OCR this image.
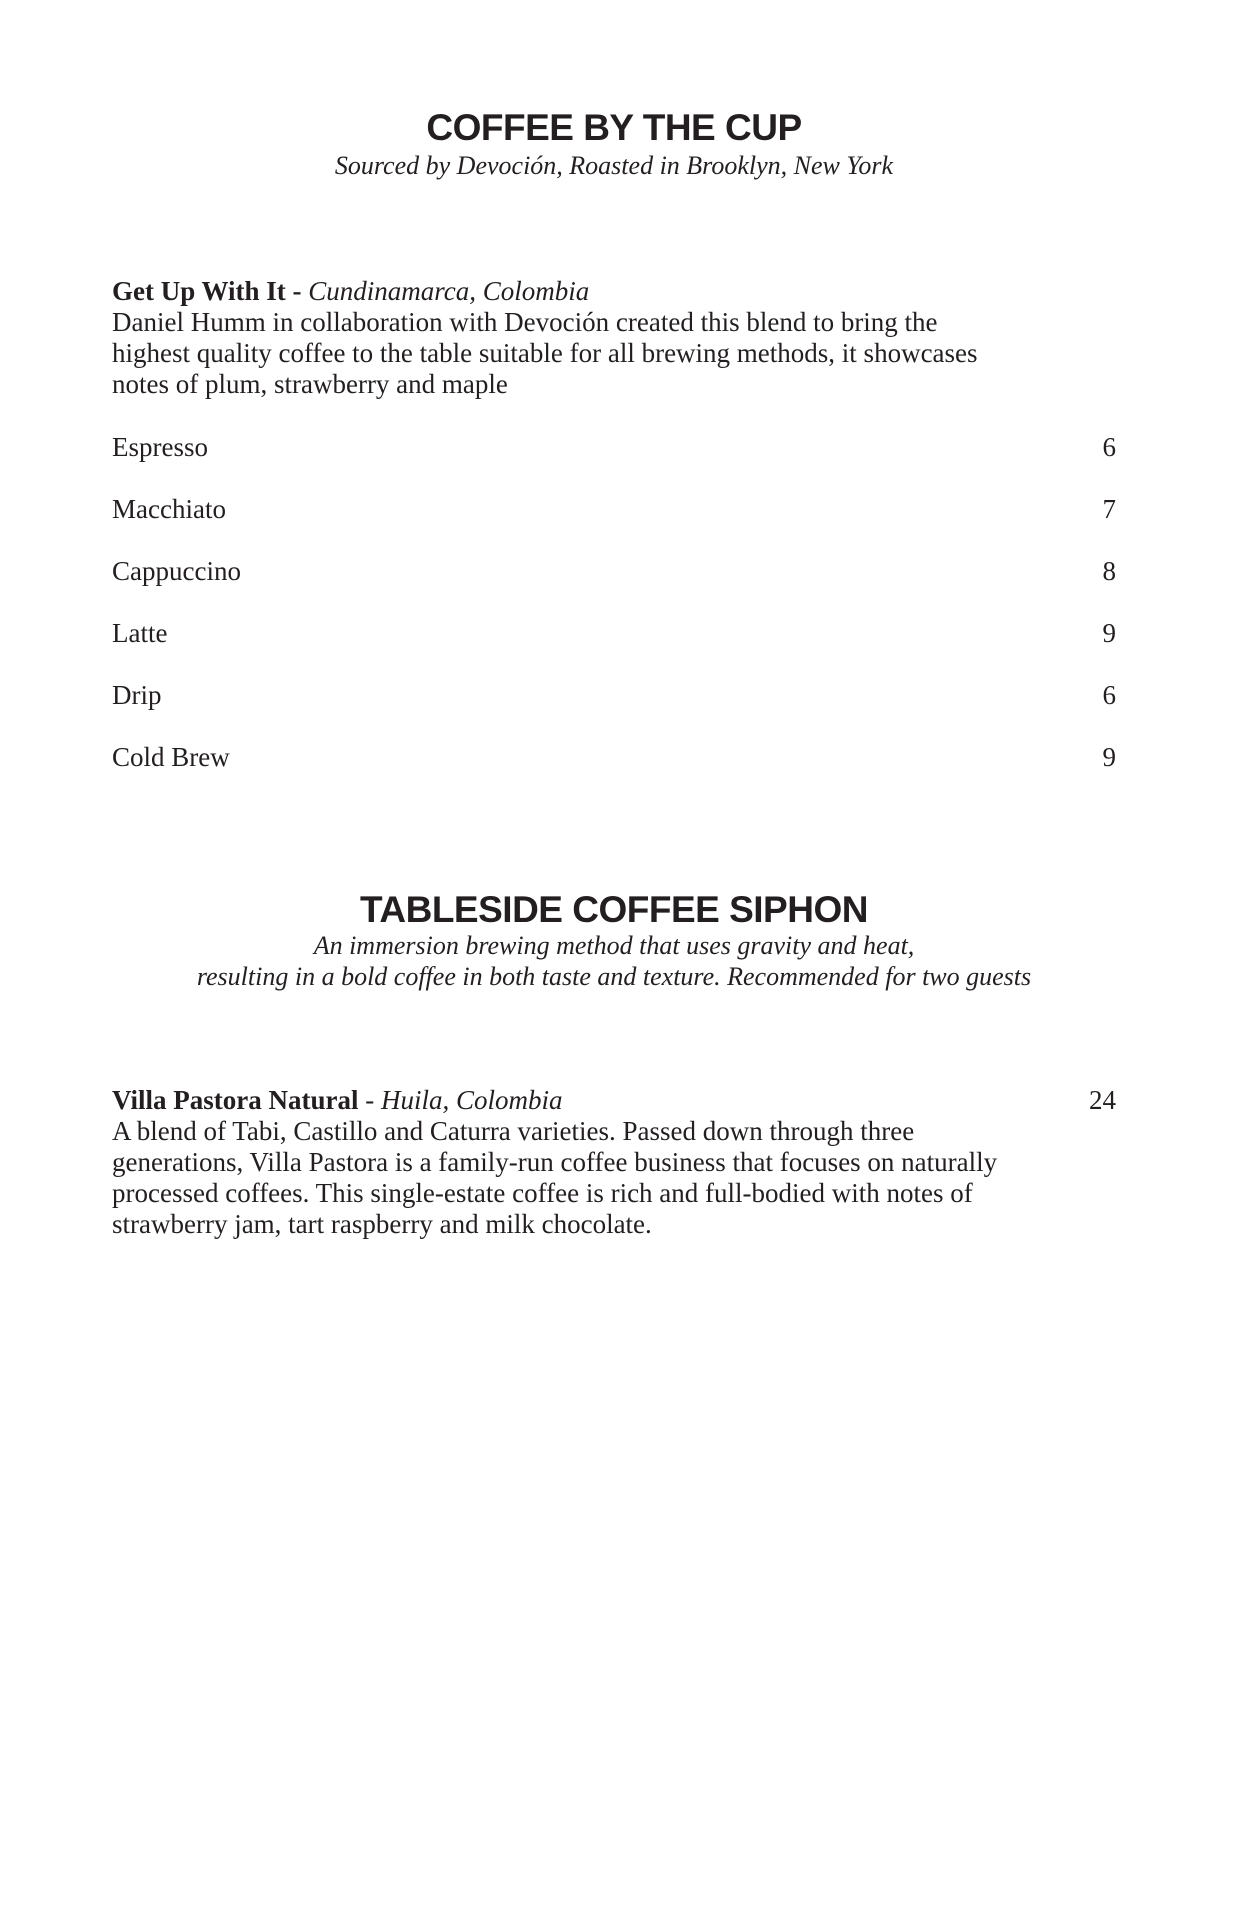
COFFEE BY THE CUP

Sourced by Devoción, Roasted in Brooklyn, New York

Get Up With It - Cundinamarca, Colombia

Daniel Humm in collaboration with Devoción created this blend to bring the

highest quality coffee to the table suitable for all brewing methods, it showcases

notes of plum, strawberry and maple

Espresso	6
Macchiato	7
Cappuccino	8
Latte	9
Drip	6
Cold Brew	9
TABLESIDE COFFEE SIPHON

An immersion brewing method that uses gravity and heat,

resulting in a bold coffee in both taste and texture. Recommended for two guests

Villa Pastora Natural - Huila, Colombia	24

A blend of Tabi, Castillo and Caturra varieties. Passed down through three

generations, Villa Pastora is a family-run coffee business that focuses on naturally

processed coffees. This single-estate coffee is rich and full-bodied with notes of

strawberry jam, tart raspberry and milk chocolate.
